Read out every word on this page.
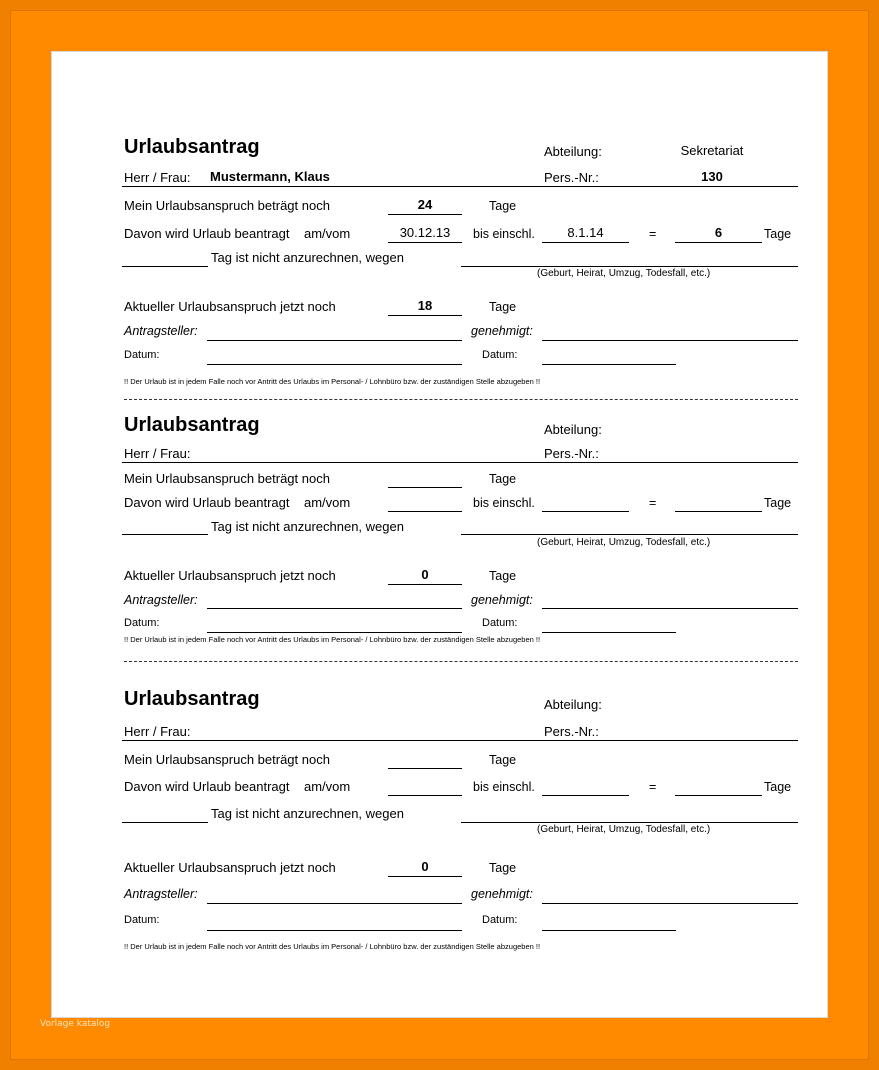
Urlaubsantrag	Abteilung:	Sekretariat
Herr / Frau: Mustermann, Klaus	Pers.-Nr.:	130
Mein Urlaubsanspruch beträgt noch	24	Tage
Davon wird Urlaub beantragt am/vom	30.12.13	bis einschl.	8.1.14	=	6	Tage
Tag ist nicht anzurechnen, wegen
(Geburt, Heirat, Umzug, Todesfall, etc.)
Aktueller Urlaubsanspruch jetzt noch	18	Tage
Antragsteller:	genehmigt:
Datum:	Datum:
!! Der Urlaub ist in jedem Falle noch vor Antritt des Urlaubs im Personal- / Lohnbüro bzw. der zuständigen Stelle abzugeben !!
Urlaubsantrag	Abteilung:
Herr / Frau:	Pers.-Nr.:
Mein Urlaubsanspruch beträgt noch	Tage
Davon wird Urlaub beantragt am/vom	bis einschl.	=	Tage
Tag ist nicht anzurechnen, wegen
(Geburt, Heirat, Umzug, Todesfall, etc.)
Aktueller Urlaubsanspruch jetzt noch	0	Tage
Antragsteller:	genehmigt:
Datum:	Datum:
!! Der Urlaub ist in jedem Falle noch vor Antritt des Urlaubs im Personal- / Lohnbüro bzw. der zuständigen Stelle abzugeben !!
Urlaubsantrag	Abteilung:
Herr / Frau:	Pers.-Nr.:
Mein Urlaubsanspruch beträgt noch	Tage
Davon wird Urlaub beantragt am/vom	bis einschl.	=	Tage
Tag ist nicht anzurechnen, wegen
(Geburt, Heirat, Umzug, Todesfall, etc.)
Aktueller Urlaubsanspruch jetzt noch	0	Tage
Antragsteller:	genehmigt:
Datum:	Datum:
!! Der Urlaub ist in jedem Falle noch vor Antritt des Urlaubs im Personal- / Lohnbüro bzw. der zuständigen Stelle abzugeben !!
Vorlage katalog
